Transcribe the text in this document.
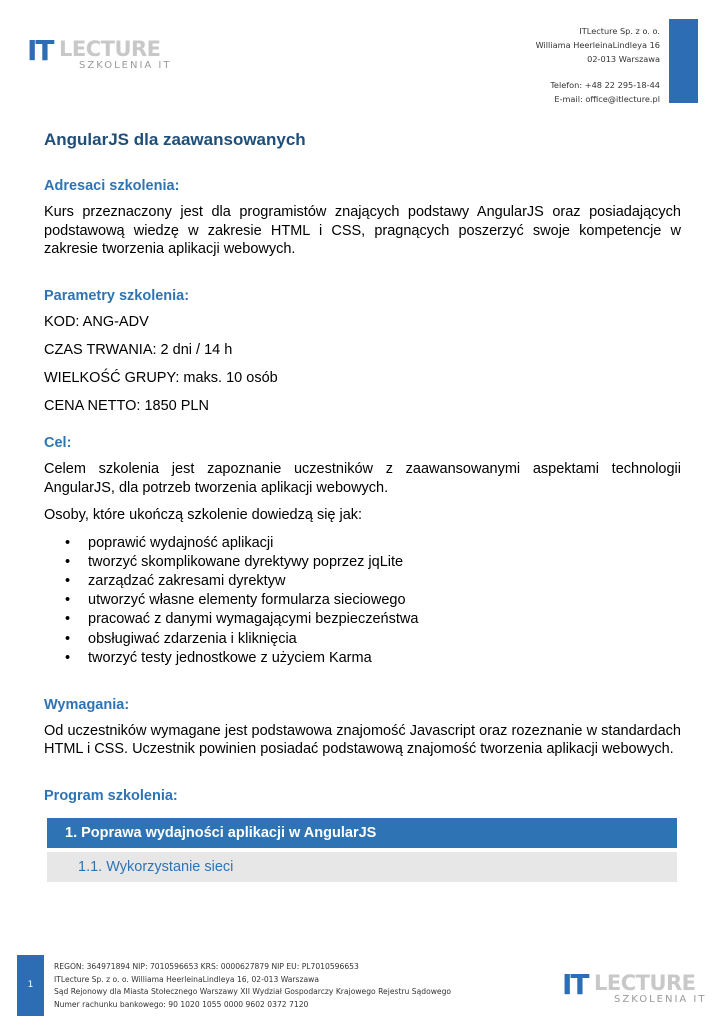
IT LECTURE
SZKOLENIA IT
ITLecture Sp. z o. o.
Williama HeerleinaLindleya 16
02-013 Warszawa
Telefon: +48 22 295-18-44
E-mail: office@itlecture.pl
AngularJS dla zaawansowanych
Adresaci szkolenia:

Kurs przeznaczony jest dla programistów znających podstawy AngularJS oraz posiadających podstawową wiedzę w zakresie HTML i CSS, pragnących poszerzyć swoje kompetencje w zakresie tworzenia aplikacji webowych.

Parametry szkolenia:
KOD: ANG-ADV
CZAS TRWANIA: 2 dni / 14 h
WIELKOŚĆ GRUPY: maks. 10 osób
CENA NETTO: 1850 PLN
Cel:

Celem szkolenia jest zapoznanie uczestników z zaawansowanymi aspektami technologii AngularJS, dla potrzeb tworzenia aplikacji webowych.

Osoby, które ukończą szkolenie dowiedzą się jak:
• poprawić wydajność aplikacji
• tworzyć skomplikowane dyrektywy poprzez jqLite
• zarządzać zakresami dyrektyw
• utworzyć własne elementy formularza sieciowego
• pracować z danymi wymagającymi bezpieczeństwa
• obsługiwać zdarzenia i kliknięcia
• tworzyć testy jednostkowe z użyciem Karma
Wymagania:

Od uczestników wymagane jest podstawowa znajomość Javascript oraz rozeznanie w standardach HTML i CSS. Uczestnik powinien posiadać podstawową znajomość tworzenia aplikacji webowych.

Program szkolenia:
1. Poprawa wydajności aplikacji w AngularJS
1.1. Wykorzystanie sieci
1
REGON: 364971894 NIP: 7010596653 KRS: 0000627879 NIP EU: PL7010596653
ITLecture Sp. z o. o. Williama HeerleinaLindleya 16, 02-013 Warszawa
Sąd Rejonowy dla Miasta Stołecznego Warszawy XII Wydział Gospodarczy Krajowego Rejestru Sądowego
Numer rachunku bankowego: 90 1020 1055 0000 9602 0372 7120
IT LECTURE
SZKOLENIA IT
